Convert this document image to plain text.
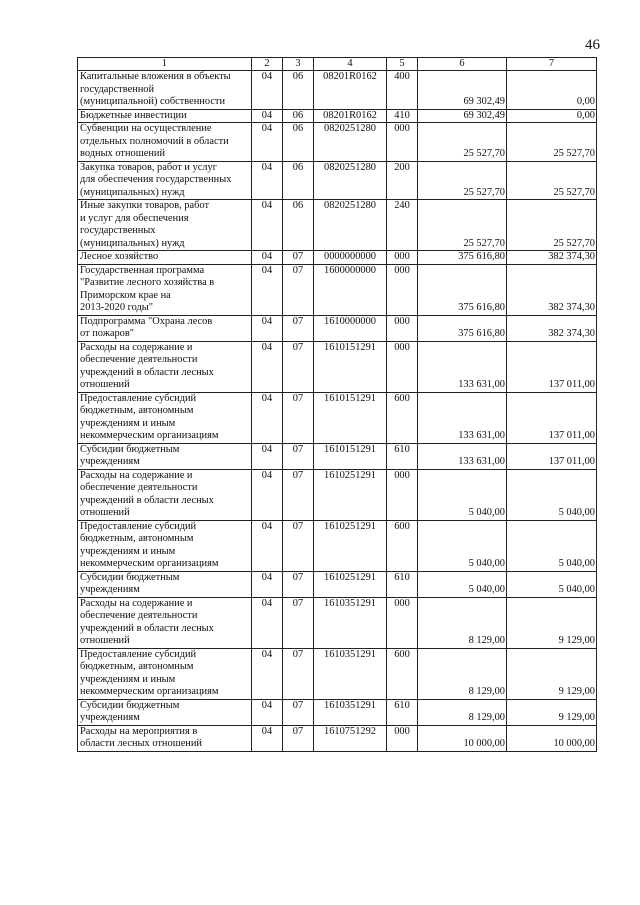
46
1	2	3	4	5	6	7

Капитальные вложения в объекты
государственной
(муниципальной) собственности	04	06	08201R0162	400	69 302,49	0,00

Бюджетные инвестиции	04	06	08201R0162	410	69 302,49	0,00

Субвенции на осуществление
отдельных полномочий в области
водных отношений	04	06	0820251280	000	25 527,70	25 527,70

Закупка товаров, работ и услуг
для обеспечения государственных
(муниципальных) нужд	04	06	0820251280	200	25 527,70	25 527,70

Иные закупки товаров, работ
и услуг для обеспечения
государственных
(муниципальных) нужд	04	06	0820251280	240	25 527,70	25 527,70

Лесное хозяйство	04	07	0000000000	000	375 616,80	382 374,30

Государственная программа
"Развитие лесного хозяйства в
Приморском крае на
2013-2020 годы"	04	07	1600000000	000	375 616,80	382 374,30

Подпрограмма "Охрана лесов
от пожаров"	04	07	1610000000	000	375 616,80	382 374,30

Расходы на содержание и
обеспечение деятельности
учреждений в области лесных
отношений	04	07	1610151291	000	133 631,00	137 011,00

Предоставление субсидий
бюджетным, автономным
учреждениям и иным
некоммерческим организациям	04	07	1610151291	600	133 631,00	137 011,00

Субсидии бюджетным
учреждениям	04	07	1610151291	610	133 631,00	137 011,00

Расходы на содержание и
обеспечение деятельности
учреждений в области лесных
отношений	04	07	1610251291	000	5 040,00	5 040,00

Предоставление субсидий
бюджетным, автономным
учреждениям и иным
некоммерческим организациям	04	07	1610251291	600	5 040,00	5 040,00

Субсидии бюджетным
учреждениям	04	07	1610251291	610	5 040,00	5 040,00

Расходы на содержание и
обеспечение деятельности
учреждений в области лесных
отношений	04	07	1610351291	000	8 129,00	9 129,00

Предоставление субсидий
бюджетным, автономным
учреждениям и иным
некоммерческим организациям	04	07	1610351291	600	8 129,00	9 129,00

Субсидии бюджетным
учреждениям	04	07	1610351291	610	8 129,00	9 129,00

Расходы на мероприятия в
области лесных отношений	04	07	1610751292	000	10 000,00	10 000,00
